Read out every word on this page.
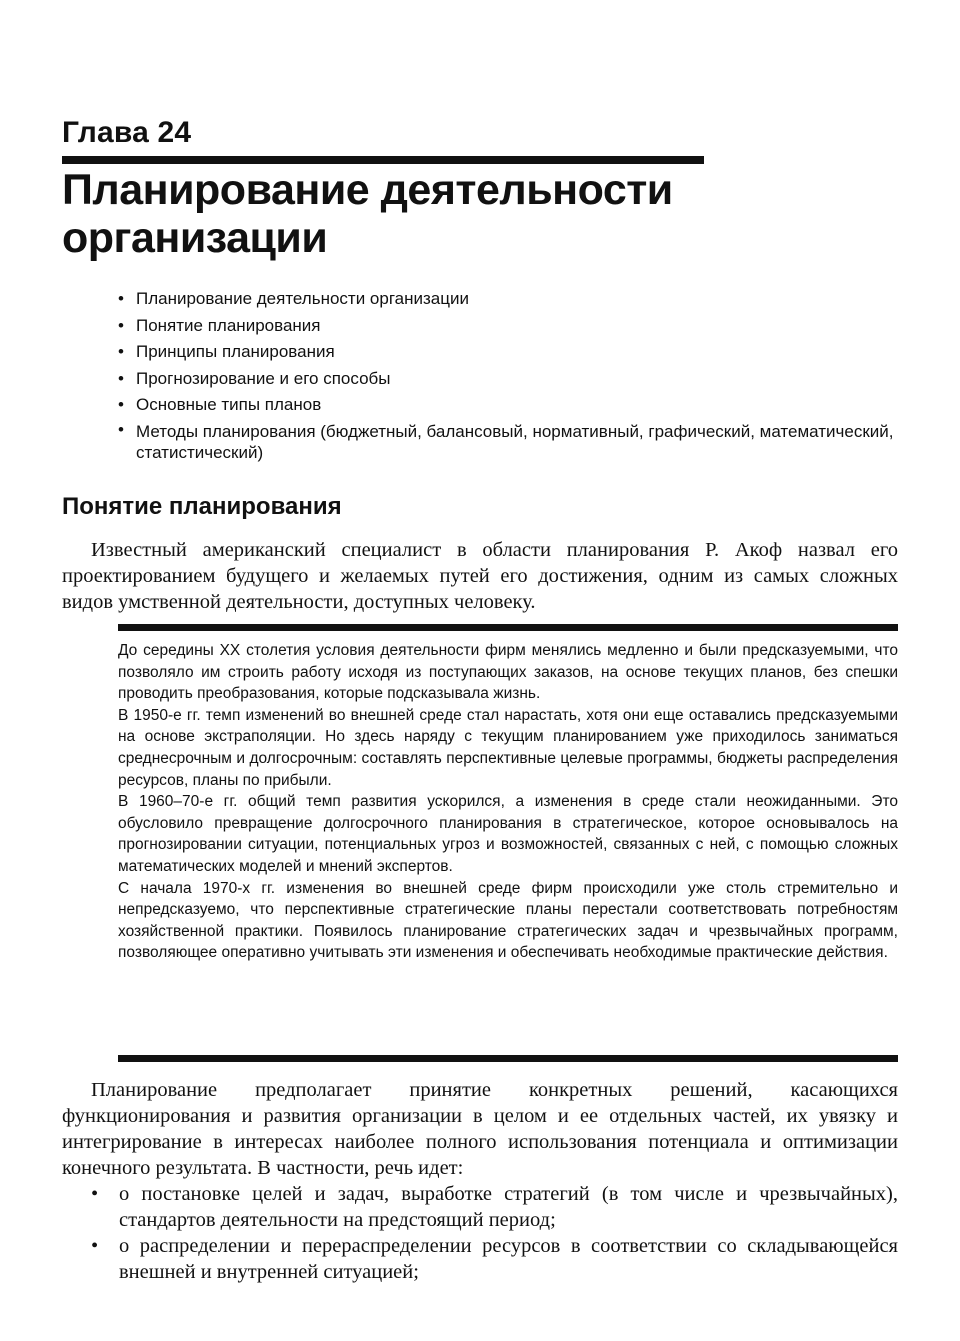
Глава 24
Планирование деятельности организации
• Планирование деятельности организации
• Понятие планирования
• Принципы планирования
• Прогнозирование и его способы
• Основные типы планов
• Методы планирования (бюджетный, балансовый, нормативный, графический, математический, статистический)
Понятие планирования

Известный американский специалист в области планирования Р. Акоф назвал его проектированием будущего и желаемых путей его достижения, одним из самых сложных видов умственной деятельности, доступных человеку.

До середины XX столетия условия деятельности фирм менялись медленно и были предсказуемыми, что позволяло им строить работу исходя из поступающих заказов, на основе текущих планов, без спешки проводить преобразования, которые подсказывала жизнь.

В 1950-е гг. темп изменений во внешней среде стал нарастать, хотя они еще оставались предсказуемыми на основе экстраполяции. Но здесь наряду с текущим планированием уже приходилось заниматься среднесрочным и долгосрочным: составлять перспективные целевые программы, бюджеты распределения ресурсов, планы по прибыли.

В 1960–70-е гг. общий темп развития ускорился, а изменения в среде стали неожиданными. Это обусловило превращение долгосрочного планирования в стратегическое, которое основывалось на прогнозировании ситуации, потенциальных угроз и возможностей, связанных с ней, с помощью сложных математических моделей и мнений экспертов.

С начала 1970-х гг. изменения во внешней среде фирм происходили уже столь стремительно и непредсказуемо, что перспективные стратегические планы перестали соответствовать потребностям хозяйственной практики. Появилось планирование стратегических задач и чрезвычайных программ, позволяющее оперативно учитывать эти изменения и обеспечивать необходимые практические действия.

Планирование предполагает принятие конкретных решений, касающихся функционирования и развития организации в целом и ее отдельных частей, их увязку и интегрирование в интересах наиболее полного использования потенциала и оптимизации конечного результата. В частности, речь идет:

• о постановке целей и задач, выработке стратегий (в том числе и чрезвычайных), стандартов деятельности на предстоящий период;
• о распределении и перераспределении ресурсов в соответствии со складывающейся внешней и внутренней ситуацией;
